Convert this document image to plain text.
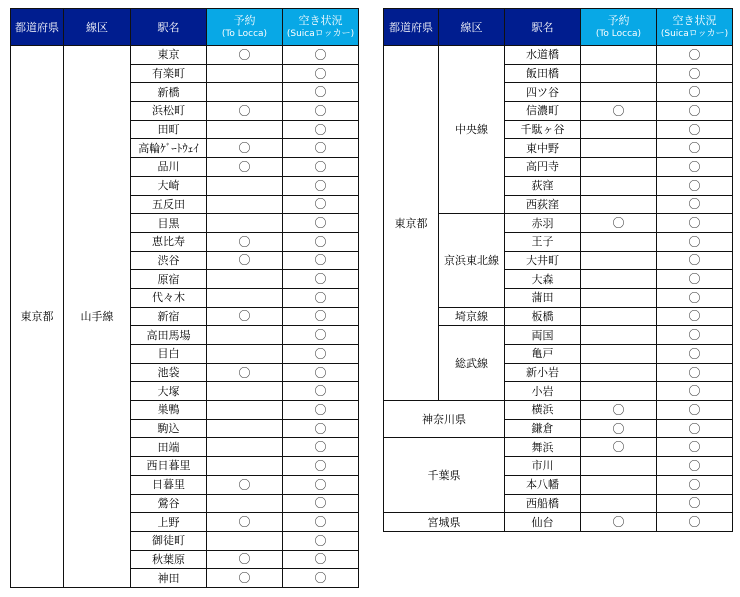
都道府県	線区	駅名	予約
(To Locca)	空き状況
(Suicaロッカー)

東京都	山手線	東京	〇	〇
		有楽町		〇
		新橋		〇
		浜松町	〇	〇
		田町		〇
		高輪ｹﾞｰﾄｳｪｲ	〇	〇
		品川	〇	〇
		大崎		〇
		五反田		〇
		目黒		〇
		恵比寿	〇	〇
		渋谷	〇	〇
		原宿		〇
		代々木		〇
		新宿	〇	〇
		高田馬場		〇
		目白		〇
		池袋	〇	〇
		大塚		〇
		巣鴨		〇
		駒込		〇
		田端		〇
		西日暮里		〇
		日暮里	〇	〇
		鶯谷		〇
		上野	〇	〇
		御徒町		〇
		秋葉原	〇	〇
		神田	〇	〇
都道府県	線区	駅名	予約
(To Locca)	空き状況
(Suicaロッカー)

東京都	中央線	水道橋		〇
		飯田橋		〇
		四ツ谷		〇
		信濃町	〇	〇
		千駄ヶ谷		〇
		東中野		〇
		高円寺		〇
		荻窪		〇
		西荻窪		〇
	京浜東北線	赤羽	〇	〇
		王子		〇
		大井町		〇
		大森		〇
		蒲田		〇
	埼京線	板橋		〇
	総武線	両国		〇
		亀戸		〇
		新小岩		〇
		小岩		〇
神奈川県		横浜	〇	〇
		鎌倉	〇	〇
千葉県		舞浜	〇	〇
		市川		〇
		本八幡		〇
		西船橋		〇
宮城県		仙台	〇	〇
